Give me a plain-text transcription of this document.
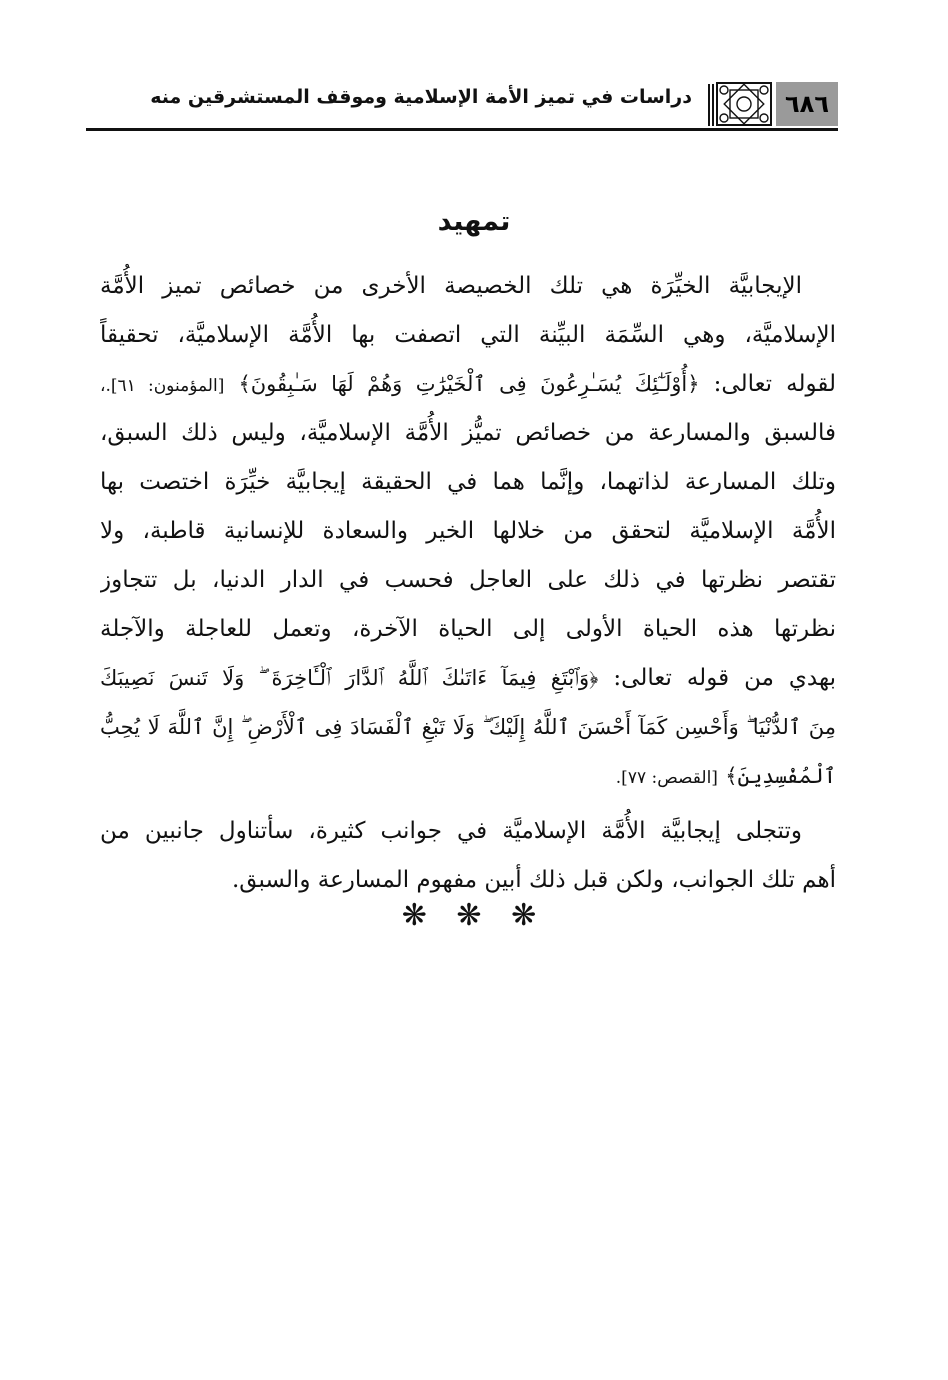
٦٨٦
دراسات في تميز الأمة الإسلامية وموقف المستشرقين منه
تمهيد
الإيجابيَّة الخيِّرَة هي تلك الخصيصة الأخرى من خصائص تميز الأُمَّة
الإسلاميَّة، وهي السِّمَة البيِّنة التي اتصفت بها الأُمَّة الإسلاميَّة، تحقيقاً
لقوله تعالى: ﴿أُوْلَـٰٓئِكَ يُسَـٰرِعُونَ فِى ٱلْخَيْرَٰتِ وَهُمْ لَهَا سَـٰبِقُونَ﴾ [المؤمنون: ٦١].،
فالسبق والمسارعة من خصائص تميُّز الأُمَّة الإسلاميَّة، وليس ذلك السبق،
وتلك المسارعة لذاتهما، وإنَّما هما في الحقيقة إيجابيَّة خيِّرَة اختصت بها
الأُمَّة الإسلاميَّة لتحقق من خلالها الخير والسعادة للإنسانية قاطبة، ولا
تقتصر نظرتها في ذلك على العاجل فحسب في الدار الدنيا، بل تتجاوز
نظرتها هذه الحياة الأولى إلى الحياة الآخرة، وتعمل للعاجلة والآجلة
بهدي من قوله تعالى: ﴿وَٱبْتَغِ فِيمَآ ءَاتَىٰكَ ٱللَّهُ ٱلدَّارَ ٱلْـَٔاخِرَةَ ۖ وَلَا تَنسَ نَصِيبَكَ
مِنَ ٱلدُّنْيَا ۖ وَأَحْسِن كَمَآ أَحْسَنَ ٱللَّهُ إِلَيْكَ ۖ وَلَا تَبْغِ ٱلْفَسَادَ فِى ٱلْأَرْضِ ۖ إِنَّ ٱللَّهَ لَا يُحِبُّ
ٱلْمُفْسِدِينَ﴾ [القصص: ٧٧].
وتتجلى إيجابيَّة الأُمَّة الإسلاميَّة في جوانب كثيرة، سأتناول جانبين من
أهم تلك الجوانب، ولكن قبل ذلك أبين مفهوم المسارعة والسبق.
❋ ❋ ❋
